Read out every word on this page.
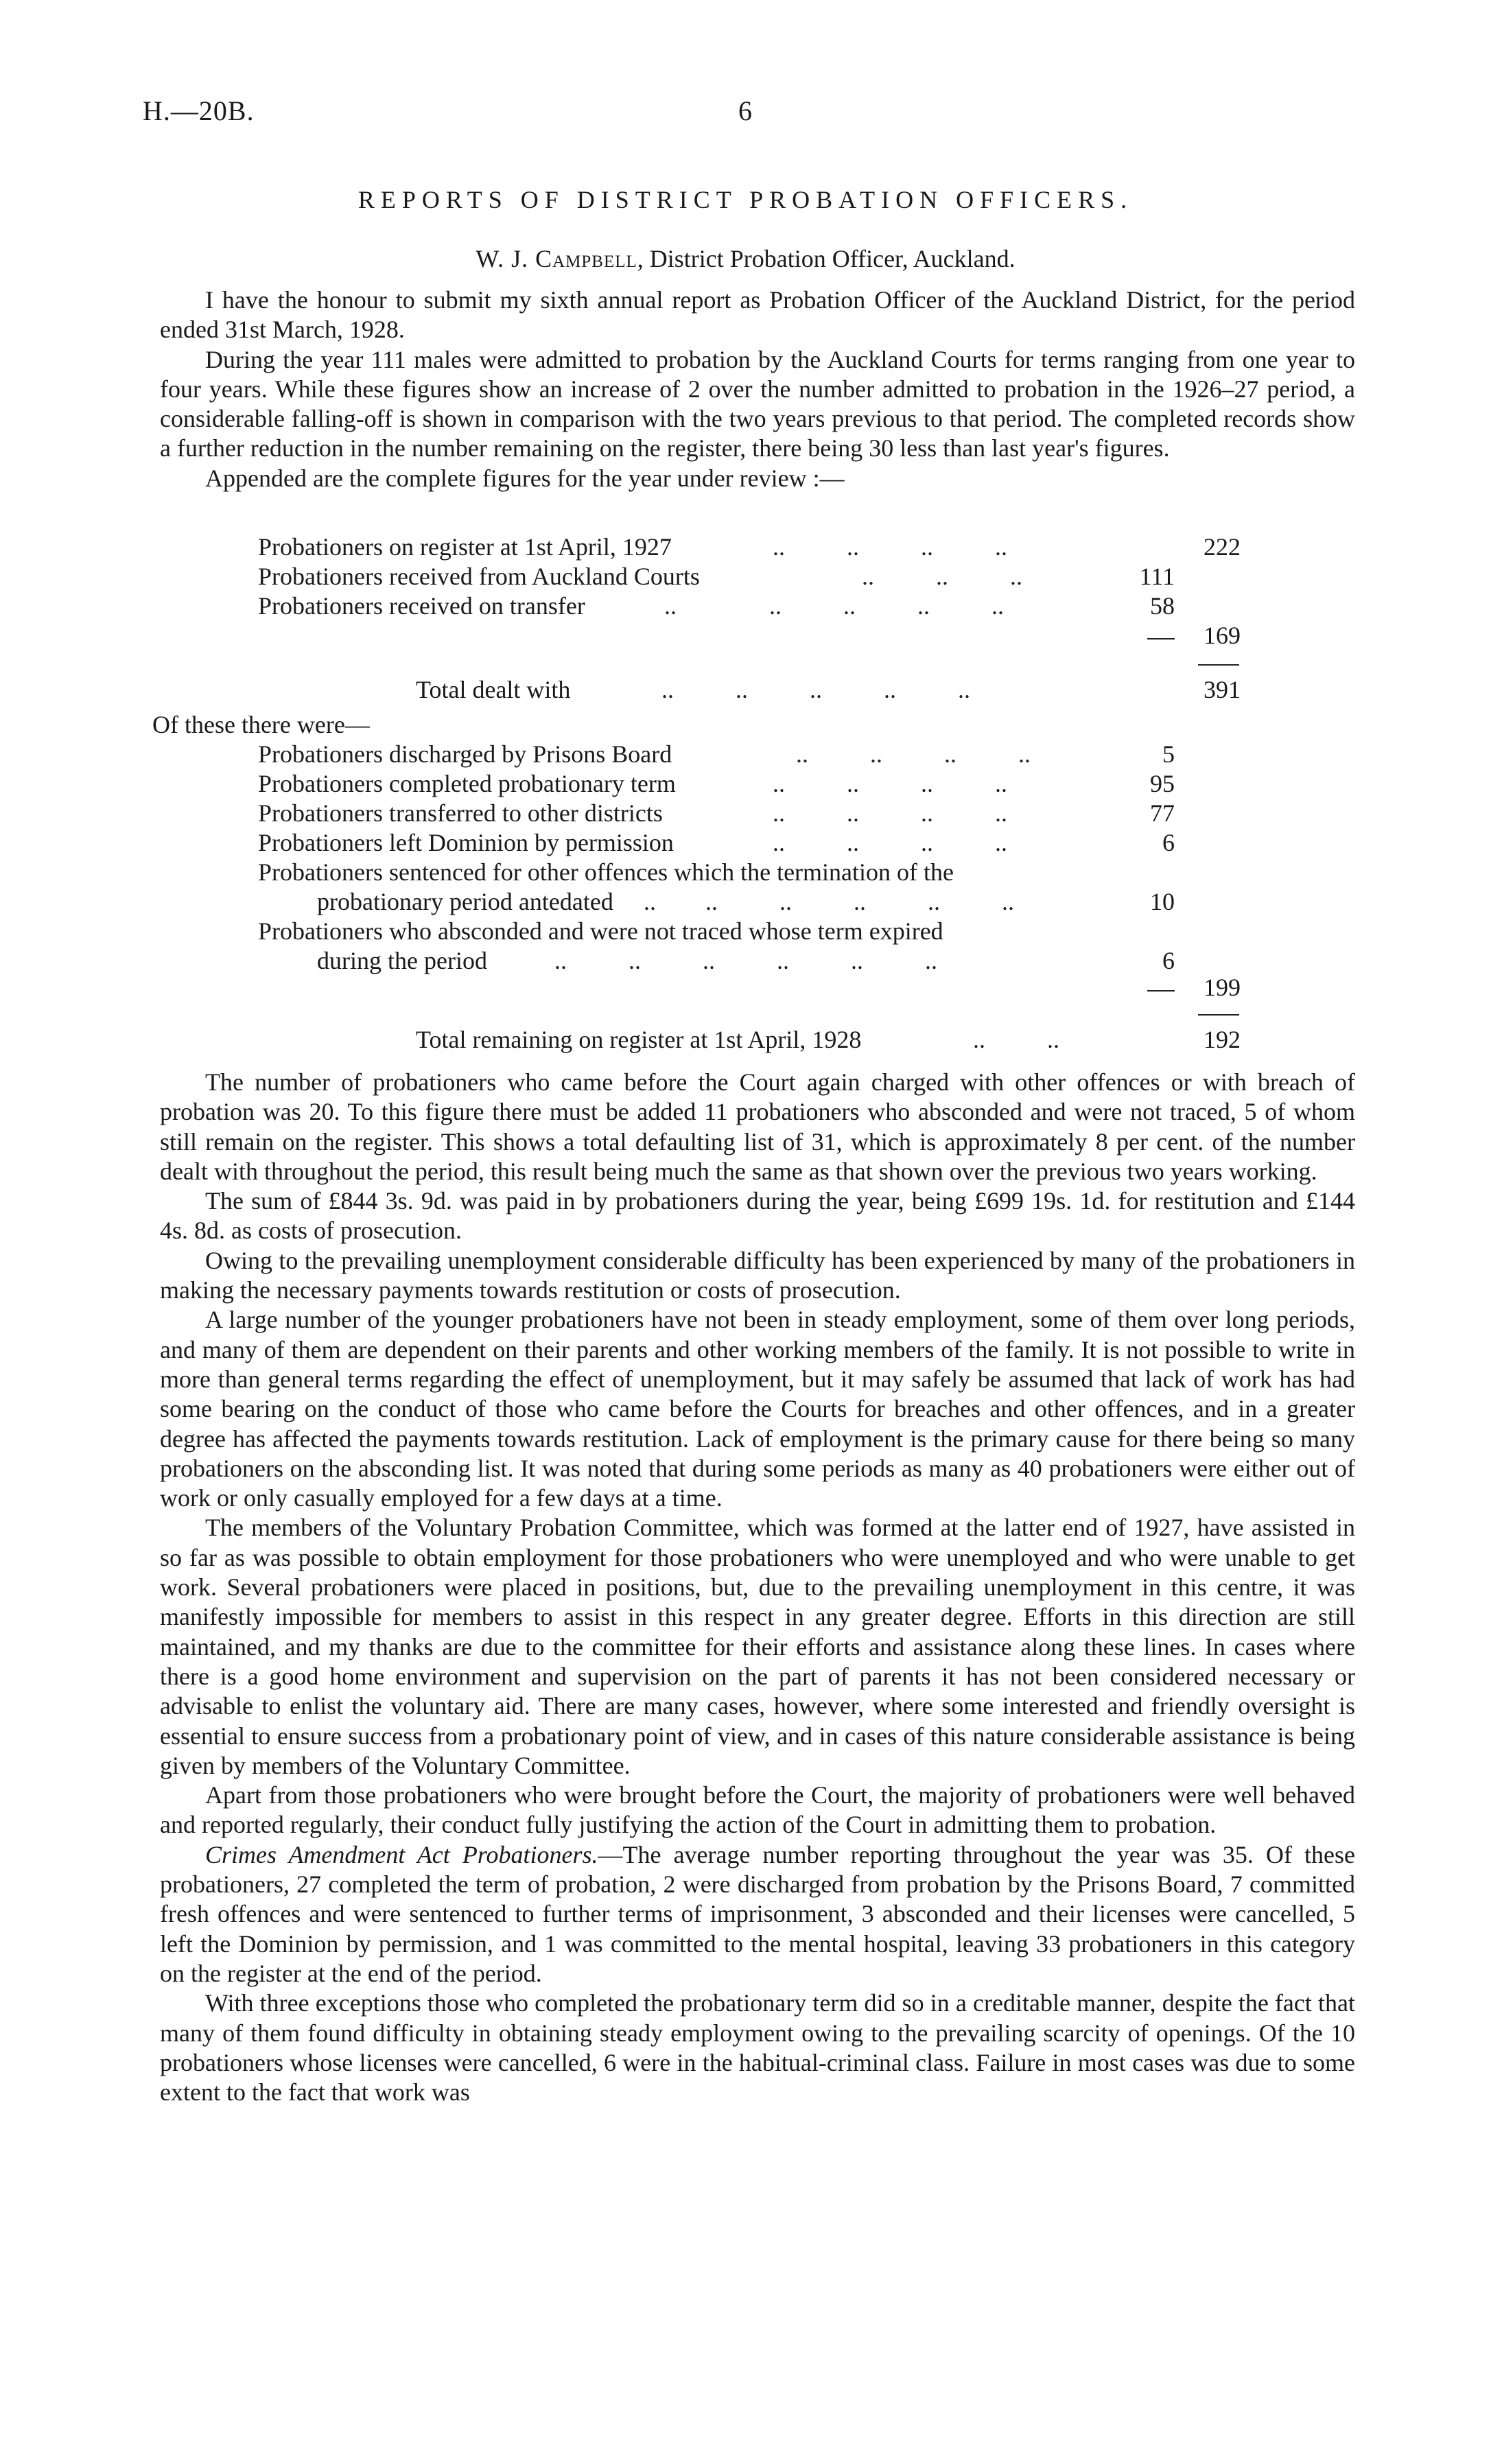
H.—20B.	6
REPORTS OF DISTRICT PROBATION OFFICERS.
W. J. Campbell, District Probation Officer, Auckland.

I have the honour to submit my sixth annual report as Probation Officer of the Auckland District, for the period ended 31st March, 1928.

During the year 111 males were admitted to probation by the Auckland Courts for terms ranging from one year to four years. While these figures show an increase of 2 over the number admitted to probation in the 1926–27 period, a considerable falling-off is shown in comparison with the two years previous to that period. The completed records show a further reduction in the number remaining on the register, there being 30 less than last year's figures.

Appended are the complete figures for the year under review :—

Probationers on register at 1st April, 1927	..          ..          ..          ..	222
Probationers received from Auckland Courts	..          ..          ..	111
Probationers received on transfer	..               ..          ..          ..          ..	58
169
Total dealt with	..          ..          ..          ..          ..	391
Of these there were—
Probationers discharged by Prisons Board	..          ..          ..          ..	5
Probationers completed probationary term	..          ..          ..          ..	95
Probationers transferred to other districts	..          ..          ..          ..	77
Probationers left Dominion by permission	..          ..          ..          ..	6
Probationers sentenced for other offences which the termination of the
probationary period antedated ..        ..          ..          ..          ..          ..	10
Probationers who absconded and were not traced whose term expired
during the period	..          ..          ..          ..          ..          ..	6
199
Total remaining on register at 1st April, 1928	..          ..	192

The number of probationers who came before the Court again charged with other offences or with breach of probation was 20. To this figure there must be added 11 probationers who absconded and were not traced, 5 of whom still remain on the register. This shows a total defaulting list of 31, which is approximately 8 per cent. of the number dealt with throughout the period, this result being much the same as that shown over the previous two years working.

The sum of £844 3s. 9d. was paid in by probationers during the year, being £699 19s. 1d. for restitution and £144 4s. 8d. as costs of prosecution.

Owing to the prevailing unemployment considerable difficulty has been experienced by many of the probationers in making the necessary payments towards restitution or costs of prosecution.

A large number of the younger probationers have not been in steady employment, some of them over long periods, and many of them are dependent on their parents and other working members of the family. It is not possible to write in more than general terms regarding the effect of unemployment, but it may safely be assumed that lack of work has had some bearing on the conduct of those who came before the Courts for breaches and other offences, and in a greater degree has affected the payments towards restitution. Lack of employment is the primary cause for there being so many probationers on the absconding list. It was noted that during some periods as many as 40 probationers were either out of work or only casually employed for a few days at a time.

The members of the Voluntary Probation Committee, which was formed at the latter end of 1927, have assisted in so far as was possible to obtain employment for those probationers who were unemployed and who were unable to get work. Several probationers were placed in positions, but, due to the prevailing unemployment in this centre, it was manifestly impossible for members to assist in this respect in any greater degree. Efforts in this direction are still maintained, and my thanks are due to the committee for their efforts and assistance along these lines. In cases where there is a good home environment and supervision on the part of parents it has not been considered necessary or advisable to enlist the voluntary aid. There are many cases, however, where some interested and friendly oversight is essential to ensure success from a probationary point of view, and in cases of this nature considerable assistance is being given by members of the Voluntary Committee.

Apart from those probationers who were brought before the Court, the majority of probationers were well behaved and reported regularly, their conduct fully justifying the action of the Court in admitting them to probation.

Crimes Amendment Act Probationers.—The average number reporting throughout the year was 35. Of these probationers, 27 completed the term of probation, 2 were discharged from probation by the Prisons Board, 7 committed fresh offences and were sentenced to further terms of imprisonment, 3 absconded and their licenses were cancelled, 5 left the Dominion by permission, and 1 was committed to the mental hospital, leaving 33 probationers in this category on the register at the end of the period.

With three exceptions those who completed the probationary term did so in a creditable manner, despite the fact that many of them found difficulty in obtaining steady employment owing to the prevailing scarcity of openings. Of the 10 probationers whose licenses were cancelled, 6 were in the habitual-criminal class. Failure in most cases was due to some extent to the fact that work was
